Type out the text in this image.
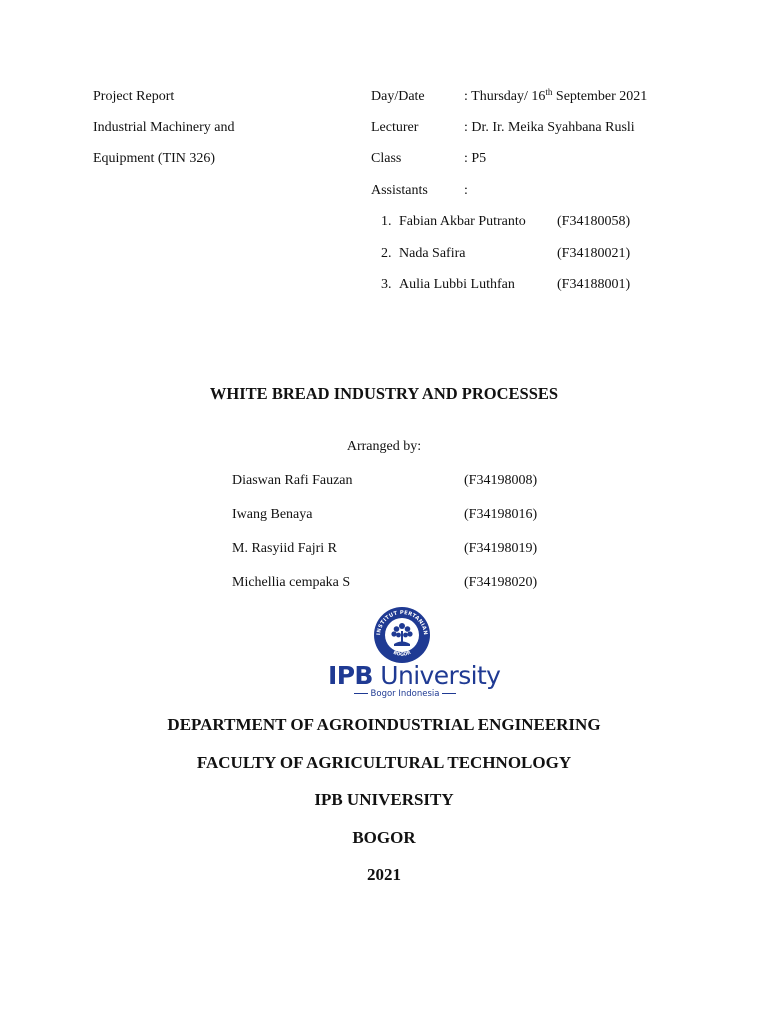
Project Report
Industrial Machinery and
Equipment (TIN 326)
Day/Date	: Thursday/ 16th September 2021
Lecturer	: Dr. Ir. Meika Syahbana Rusli
Class	: P5
Assistants	:
1. Fabian Akbar Putranto (F34180058)
2. Nada Safira	(F34180021)
3. Aulia Lubbi Luthfan	(F34188001)
WHITE BREAD INDUSTRY AND PROCESSES
Arranged by:
Diaswan Rafi Fauzan	(F34198008)
Iwang Benaya	(F34198016)
M. Rasyiid Fajri R	(F34198019)
Michellia cempaka S	(F34198020)
INSTITUT PERTANIAN
BOGOR
IPB University
Bogor Indonesia
DEPARTMENT OF AGROINDUSTRIAL ENGINEERING
FACULTY OF AGRICULTURAL TECHNOLOGY
IPB UNIVERSITY
BOGOR
2021
